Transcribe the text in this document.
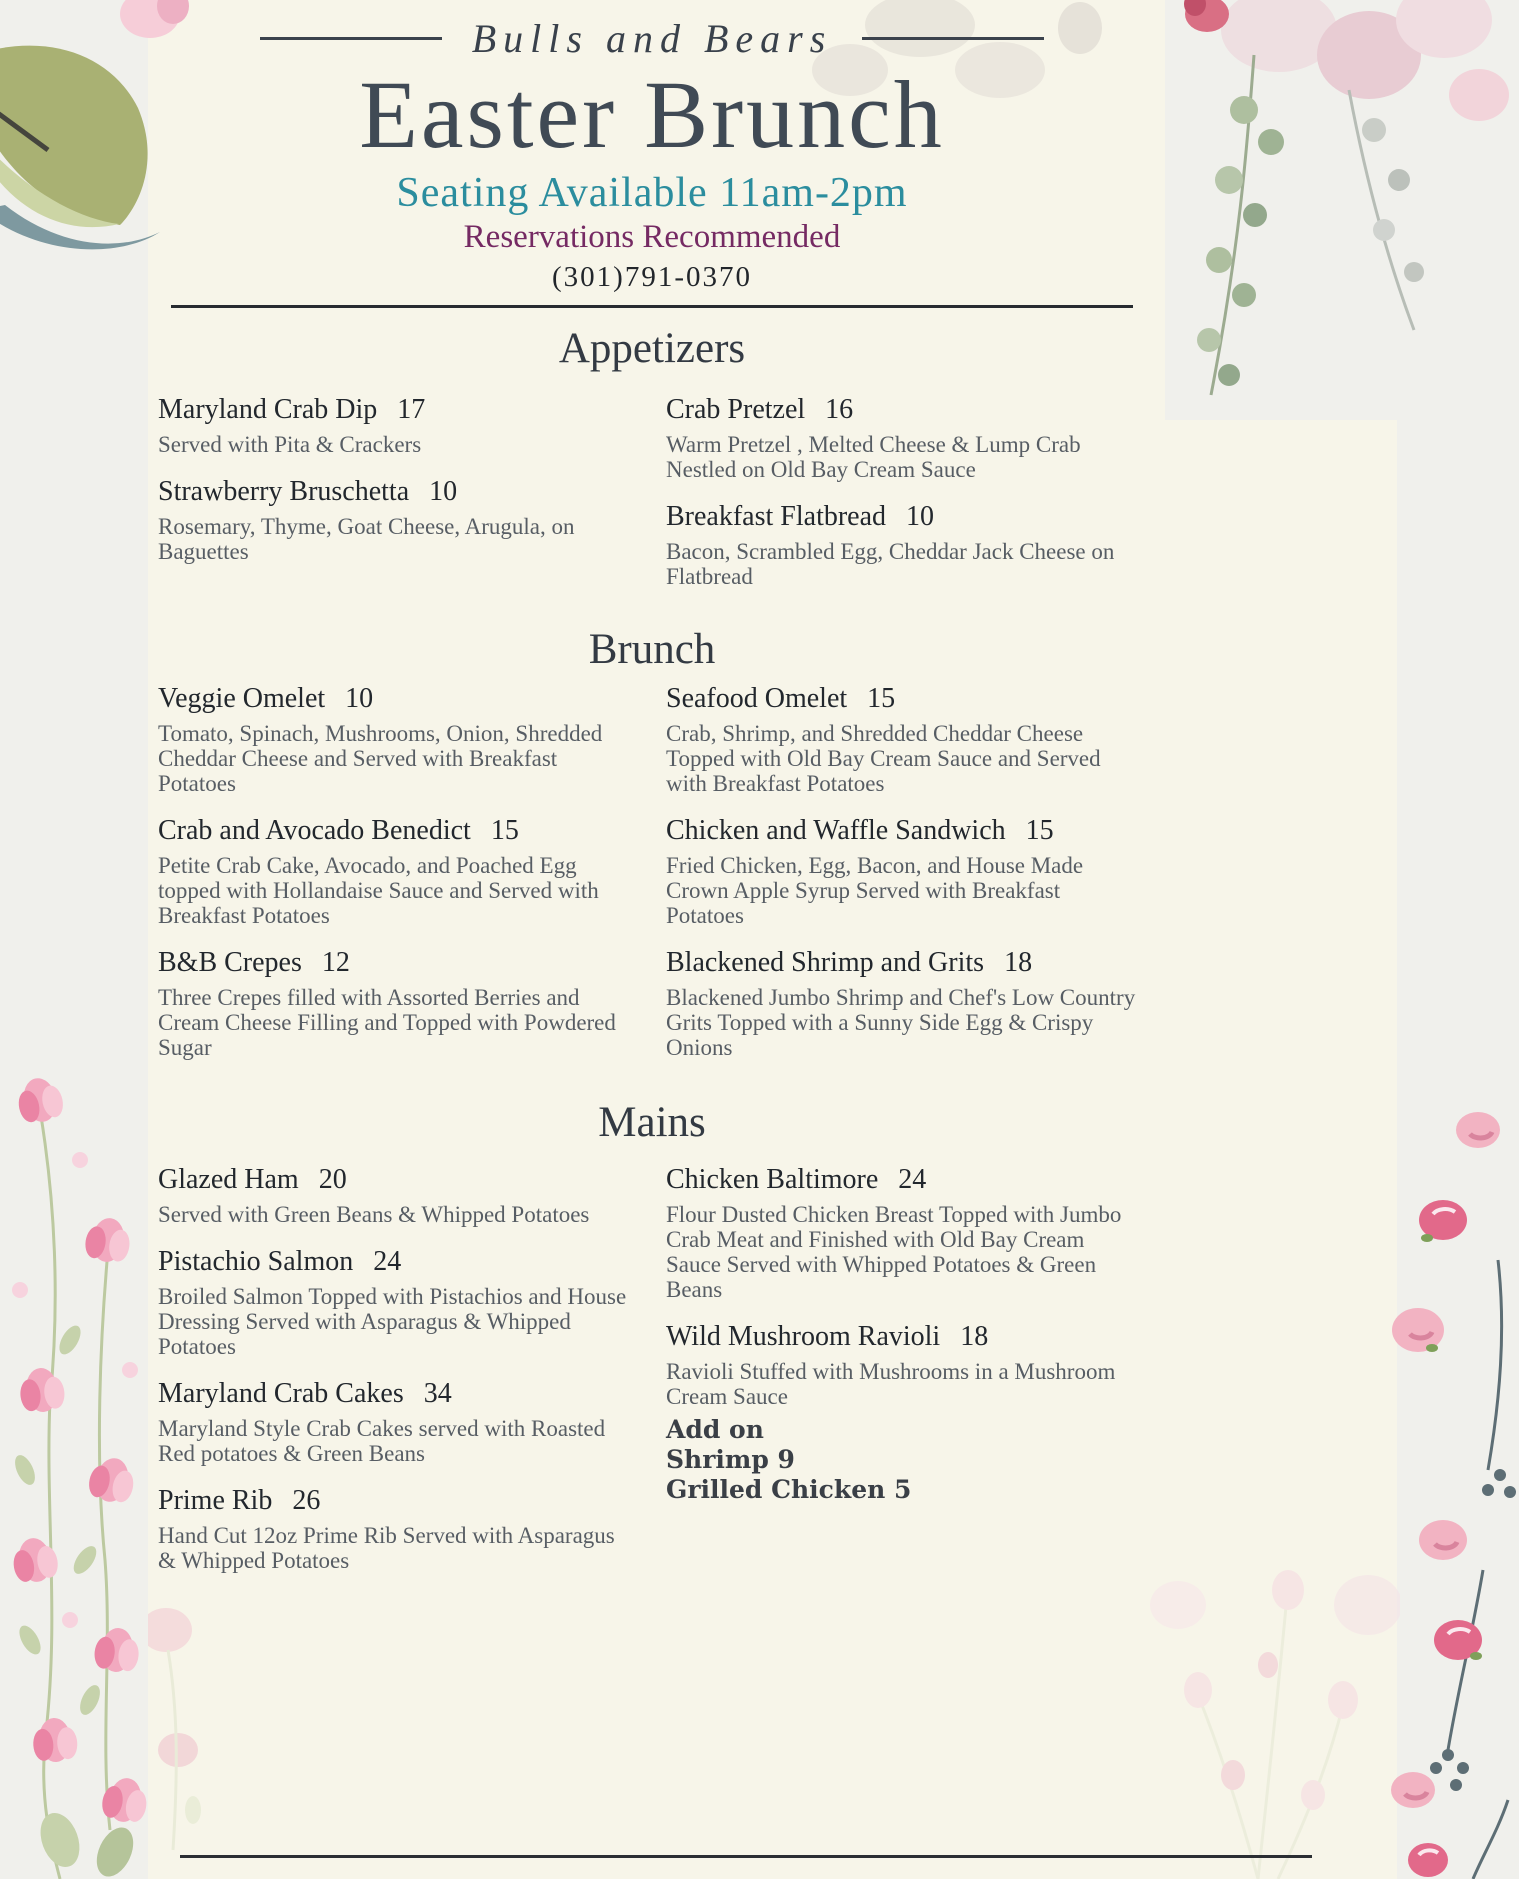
Bulls and Bears
Easter Brunch
Seating Available 11am-2pm
Reservations Recommended
(301)791-0370
Appetizers
Maryland Crab Dip 17
Served with Pita & Crackers
Strawberry Bruschetta 10
Rosemary, Thyme, Goat Cheese, Arugula, on Baguettes
Crab Pretzel 16
Warm Pretzel , Melted Cheese & Lump Crab Nestled on Old Bay Cream Sauce
Breakfast Flatbread 10
Bacon, Scrambled Egg, Cheddar Jack Cheese on Flatbread
Brunch
Veggie Omelet 10
Tomato, Spinach, Mushrooms, Onion, Shredded Cheddar Cheese and Served with Breakfast Potatoes
Crab and Avocado Benedict 15
Petite Crab Cake, Avocado, and Poached Egg topped with Hollandaise Sauce and Served with Breakfast Potatoes
B&B Crepes 12
Three Crepes filled with Assorted Berries and Cream Cheese Filling and Topped with Powdered Sugar
Seafood Omelet 15
Crab, Shrimp, and Shredded Cheddar Cheese Topped with Old Bay Cream Sauce and Served with Breakfast Potatoes
Chicken and Waffle Sandwich 15
Fried Chicken, Egg, Bacon, and House Made Crown Apple Syrup Served with Breakfast Potatoes
Blackened Shrimp and Grits 18
Blackened Jumbo Shrimp and Chef's Low Country Grits Topped with a Sunny Side Egg & Crispy Onions
Mains
Glazed Ham 20
Served with Green Beans & Whipped Potatoes
Pistachio Salmon 24
Broiled Salmon Topped with Pistachios and House Dressing Served with Asparagus & Whipped Potatoes
Maryland Crab Cakes 34
Maryland Style Crab Cakes served with Roasted Red potatoes & Green Beans
Prime Rib 26
Hand Cut 12oz Prime Rib Served with Asparagus & Whipped Potatoes
Chicken Baltimore 24
Flour Dusted Chicken Breast Topped with Jumbo Crab Meat and Finished with Old Bay Cream Sauce Served with Whipped Potatoes & Green Beans
Wild Mushroom Ravioli 18
Ravioli Stuffed with Mushrooms in a Mushroom Cream Sauce
Add on
Shrimp 9
Grilled Chicken 5
